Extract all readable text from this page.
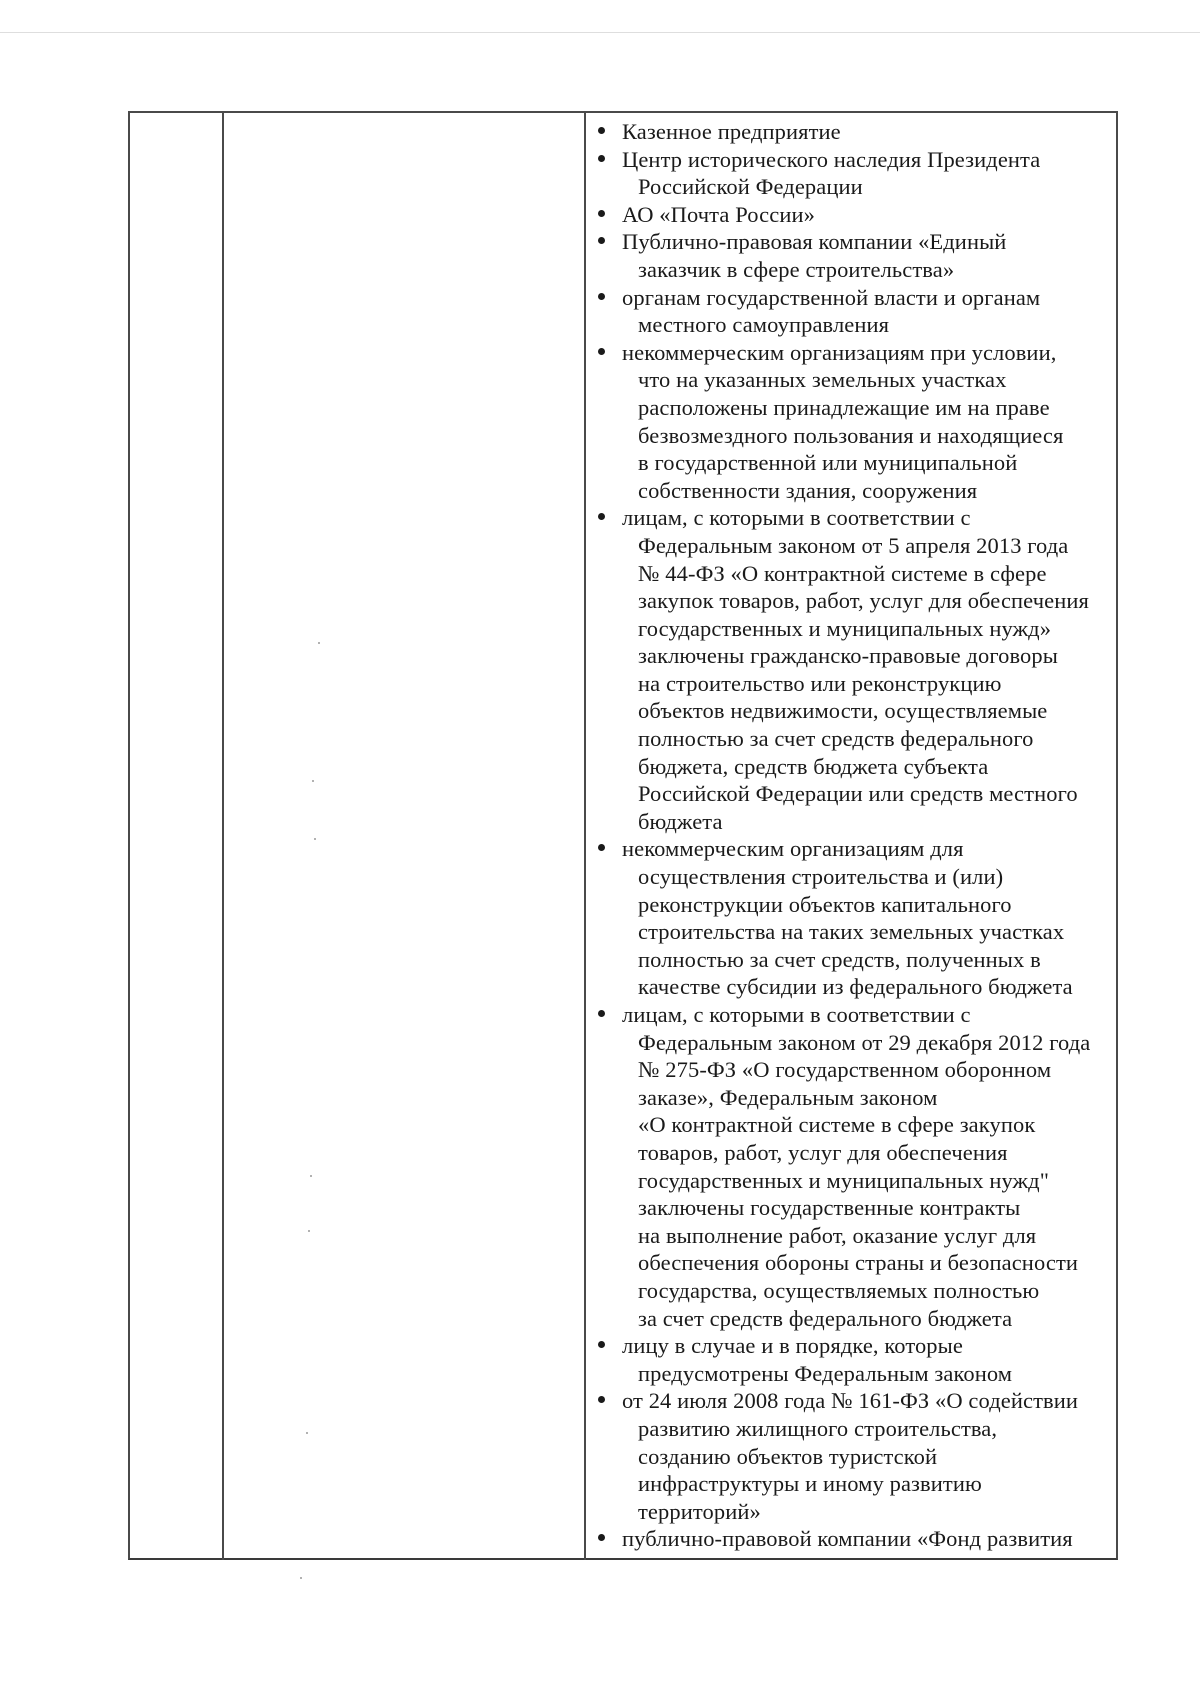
Казенное предприятие
Центр исторического наследия Президента
Российской Федерации
АО «Почта России»
Публично-правовая компании «Единый
заказчик в сфере строительства»
органам государственной власти и органам
местного самоуправления
некоммерческим организациям при условии,
что на указанных земельных участках
расположены принадлежащие им на праве
безвозмездного пользования и находящиеся
в государственной или муниципальной
собственности здания, сооружения
лицам, с которыми в соответствии с
Федеральным законом от 5 апреля 2013 года
№ 44-ФЗ «О контрактной системе в сфере
закупок товаров, работ, услуг для обеспечения
государственных и муниципальных нужд»
заключены гражданско-правовые договоры
на строительство или реконструкцию
объектов недвижимости, осуществляемые
полностью за счет средств федерального
бюджета, средств бюджета субъекта
Российской Федерации или средств местного
бюджета
некоммерческим организациям для
осуществления строительства и (или)
реконструкции объектов капитального
строительства на таких земельных участках
полностью за счет средств, полученных в
качестве субсидии из федерального бюджета
лицам, с которыми в соответствии с
Федеральным законом от 29 декабря 2012 года
№ 275-ФЗ «О государственном оборонном
заказе», Федеральным законом
«О контрактной системе в сфере закупок
товаров, работ, услуг для обеспечения
государственных и муниципальных нужд"
заключены государственные контракты
на выполнение работ, оказание услуг для
обеспечения обороны страны и безопасности
государства, осуществляемых полностью
за счет средств федерального бюджета
лицу в случае и в порядке, которые
предусмотрены Федеральным законом
от 24 июля 2008 года № 161-ФЗ «О содействии
развитию жилищного строительства,
созданию объектов туристской
инфраструктуры и иному развитию
территорий»
публично-правовой компании «Фонд развития
